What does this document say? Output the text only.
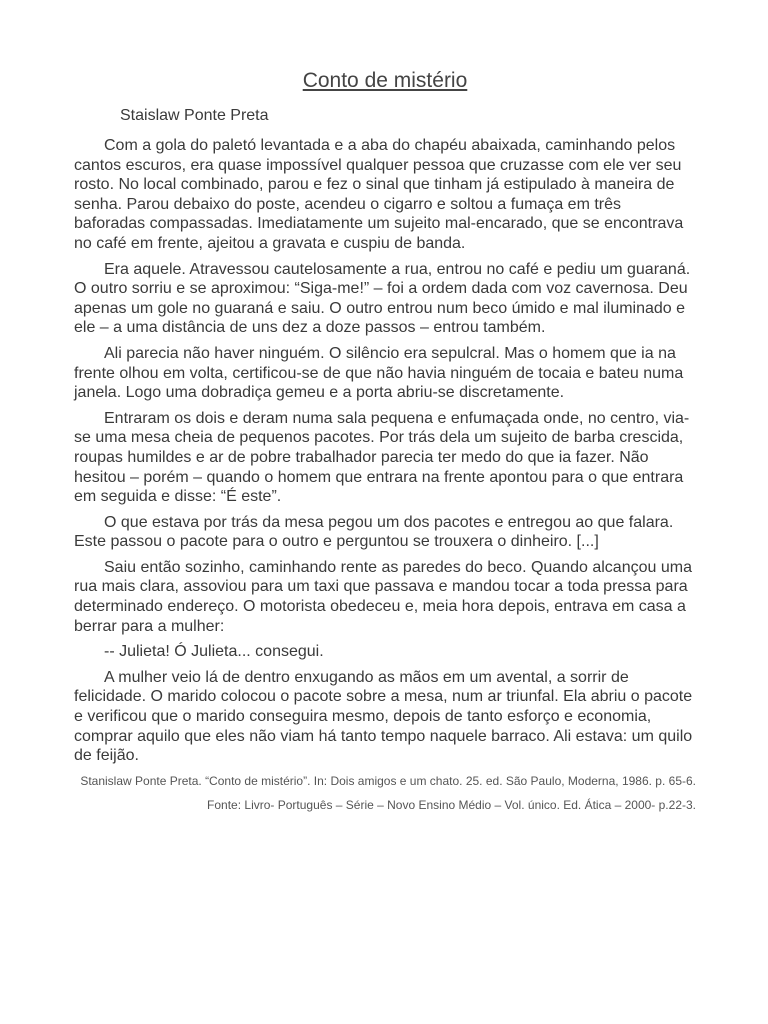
Conto de mistério
Staislaw Ponte Preta

Com a gola do paletó levantada e a aba do chapéu abaixada, caminhando pelos cantos escuros, era quase impossível qualquer pessoa que cruzasse com ele ver seu rosto. No local combinado, parou e fez o sinal que tinham já estipulado à maneira de senha. Parou debaixo do poste, acendeu o cigarro e soltou a fumaça em três baforadas compassadas. Imediatamente um sujeito mal-encarado, que se encontrava no café em frente, ajeitou a gravata e cuspiu de banda.

Era aquele. Atravessou cautelosamente a rua, entrou no café e pediu um guaraná. O outro sorriu e se aproximou: “Siga-me!” – foi a ordem dada com voz cavernosa. Deu apenas um gole no guaraná e saiu. O outro entrou num beco úmido e mal iluminado e ele – a uma distância de uns dez a doze passos – entrou também.

Ali parecia não haver ninguém. O silêncio era sepulcral. Mas o homem que ia na frente olhou em volta, certificou-se de que não havia ninguém de tocaia e bateu numa janela. Logo uma dobradiça gemeu e a porta abriu-se discretamente.

Entraram os dois e deram numa sala pequena e enfumaçada onde, no centro, via-se uma mesa cheia de pequenos pacotes. Por trás dela um sujeito de barba crescida, roupas humildes e ar de pobre trabalhador parecia ter medo do que ia fazer. Não hesitou – porém – quando o homem que entrara na frente apontou para o que entrara em seguida e disse: “É este”.

O que estava por trás da mesa pegou um dos pacotes e entregou ao que falara. Este passou o pacote para o outro e perguntou se trouxera o dinheiro. [...]

Saiu então sozinho, caminhando rente as paredes do beco. Quando alcançou uma rua mais clara, assoviou para um taxi que passava e mandou tocar a toda pressa para determinado endereço. O motorista obedeceu e, meia hora depois, entrava em casa a berrar para a mulher:

-- Julieta! Ó Julieta... consegui.

A mulher veio lá de dentro enxugando as mãos em um avental, a sorrir de felicidade. O marido colocou o pacote sobre a mesa, num ar triunfal. Ela abriu o pacote e verificou que o marido conseguira mesmo, depois de tanto esforço e economia, comprar aquilo que eles não viam há tanto tempo naquele barraco. Ali estava: um quilo de feijão.

Stanislaw Ponte Preta. “Conto de mistério”. In: Dois amigos e um chato. 25. ed. São Paulo, Moderna, 1986. p. 65-6.
Fonte: Livro- Português – Série – Novo Ensino Médio – Vol. único. Ed. Ática – 2000- p.22-3.
